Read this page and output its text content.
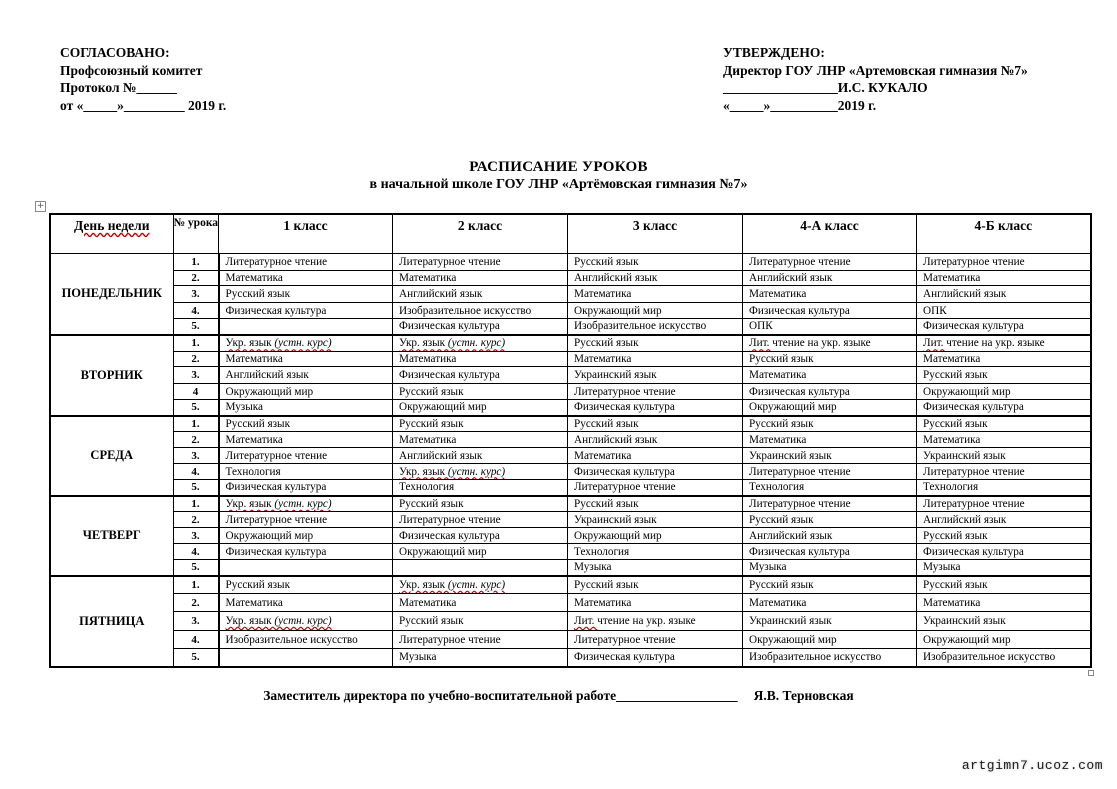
СОГЛАСОВАНО:
Профсоюзный комитет
Протокол №______
от «_____»_________ 2019 г.
УТВЕРЖДЕНО:
Директор ГОУ ЛНР «Артемовская гимназия №7»
_________________И.С. КУКАЛО
«_____»__________2019 г.
РАСПИСАНИЕ УРОКОВ
в начальной школе ГОУ ЛНР «Артёмовская гимназия №7»
+
День недели	№ урока	1 класс	2 класс	3 класс	4-А класс	4-Б класс
ПОНЕДЕЛЬНИК	1.	Литературное чтение	Литературное чтение	Русский язык	Литературное чтение	Литературное чтение
	2.	Математика	Математика	Английский язык	Английский язык	Математика
	3.	Русский язык	Английский язык	Математика	Математика	Английский язык
	4.	Физическая культура	Изобразительное искусство	Окружающий мир	Физическая культура	ОПК
	5.		Физическая культура	Изобразительное искусство	ОПК	Физическая культура
ВТОРНИК	1.	Укр. язык (устн. курс)	Укр. язык (устн. курс)	Русский язык	Лит. чтение на укр. языке	Лит. чтение на укр. языке
	2.	Математика	Математика	Математика	Русский язык	Математика
	3.	Английский язык	Физическая культура	Украинский язык	Математика	Русский язык
	4	Окружающий мир	Русский язык	Литературное чтение	Физическая культура	Окружающий мир
	5.	Музыка	Окружающий мир	Физическая культура	Окружающий мир	Физическая культура
СРЕДА	1.	Русский язык	Русский язык	Русский язык	Русский язык	Русский язык
	2.	Математика	Математика	Английский язык	Математика	Математика
	3.	Литературное чтение	Английский язык	Математика	Украинский язык	Украинский язык
	4.	Технология	Укр. язык (устн. курс)	Физическая культура	Литературное чтение	Литературное чтение
	5.	Физическая культура	Технология	Литературное чтение	Технология	Технология
ЧЕТВЕРГ	1.	Укр. язык (устн. курс)	Русский язык	Русский язык	Литературное чтение	Литературное чтение
	2.	Литературное чтение	Литературное чтение	Украинский язык	Русский язык	Английский язык
	3.	Окружающий мир	Физическая культура	Окружающий мир	Английский язык	Русский язык
	4.	Физическая культура	Окружающий мир	Технология	Физическая культура	Физическая культура
	5.			Музыка	Музыка	Музыка
ПЯТНИЦА	1.	Русский язык	Укр. язык (устн. курс)	Русский язык	Русский язык	Русский язык
	2.	Математика	Математика	Математика	Математика	Математика
	3.	Укр. язык (устн. курс)	Русский язык	Лит. чтение на укр. языке	Украинский язык	Украинский язык
	4.	Изобразительное искусство	Литературное чтение	Литературное чтение	Окружающий мир	Окружающий мир
	5.		Музыка	Физическая культура	Изобразительное искусство	Изобразительное искусство
Заместитель директора по учебно-воспитательной работе__________________ Я.В. Терновская
artgimn7.ucoz.com
